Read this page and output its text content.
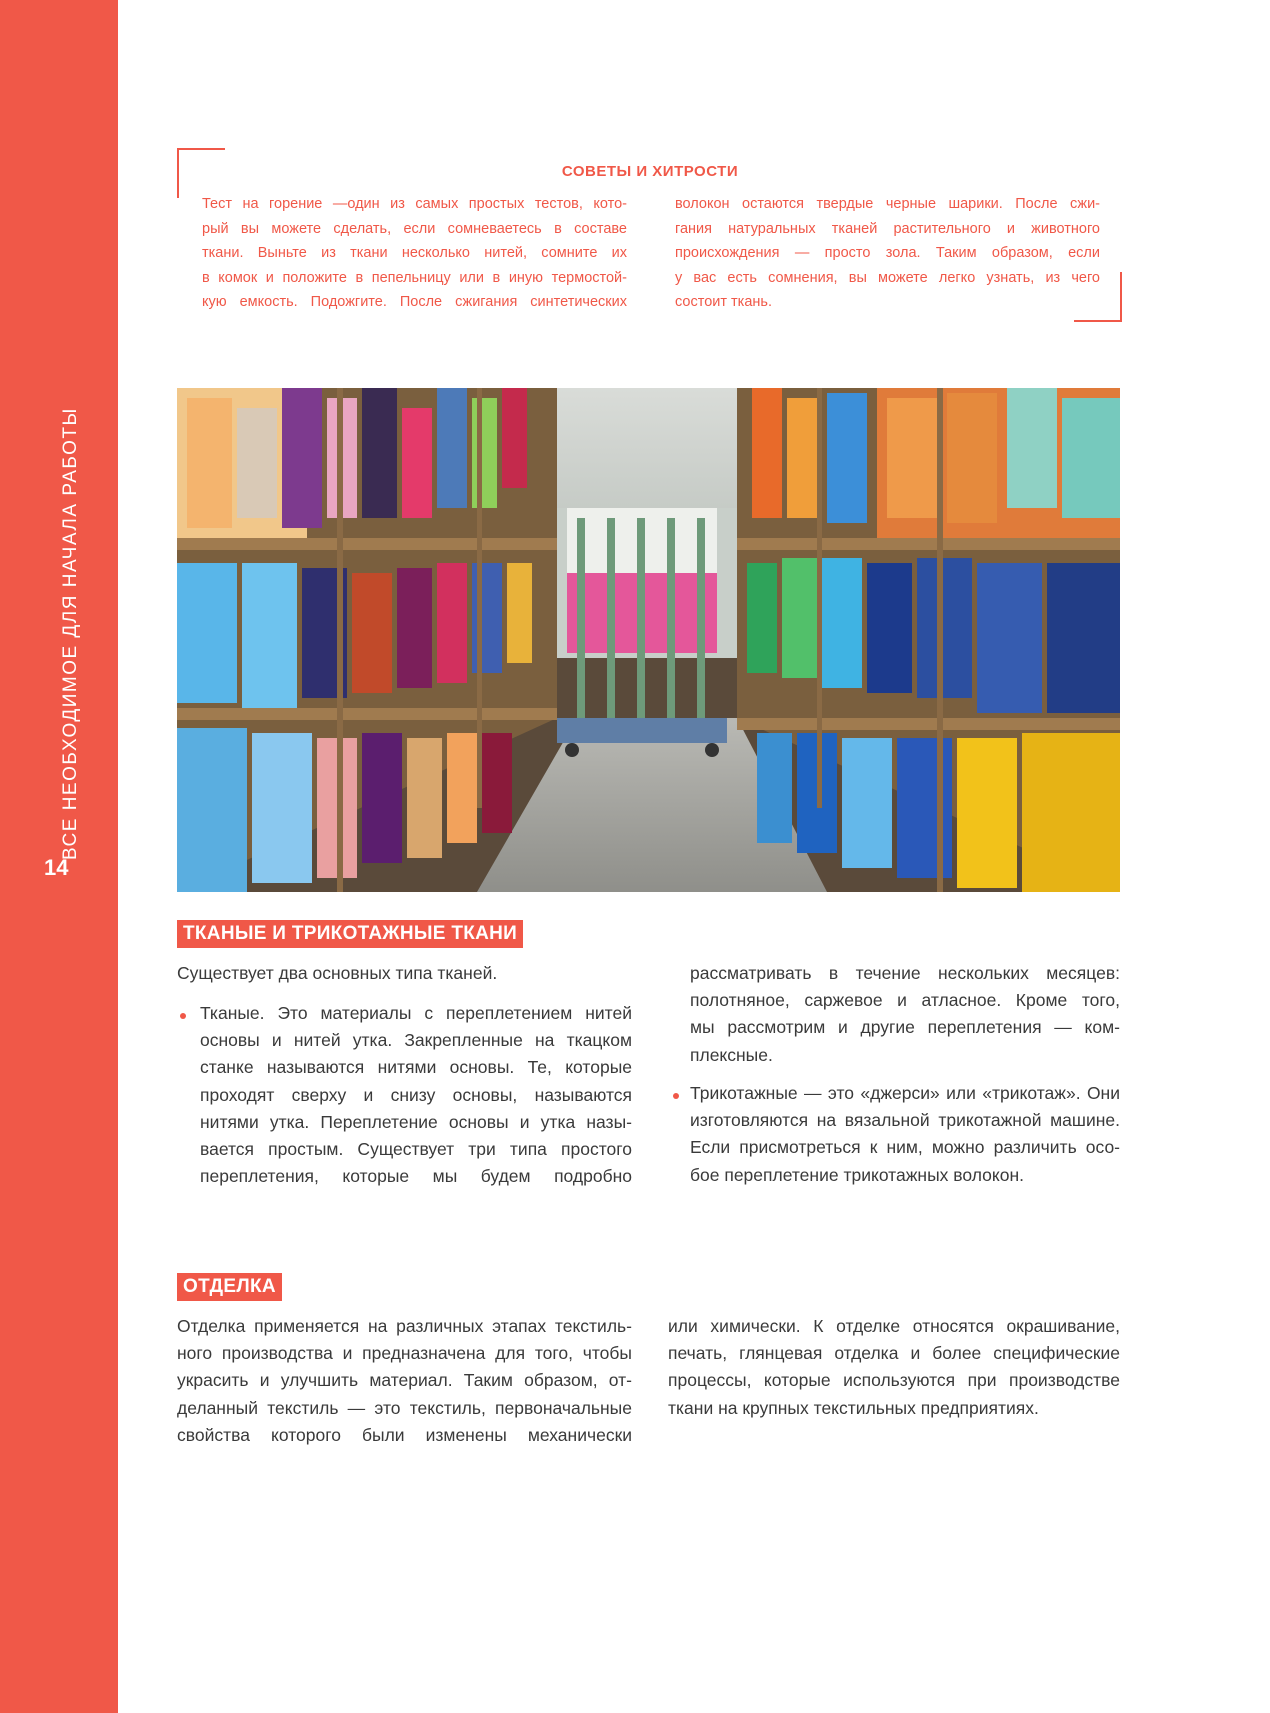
ВСЕ НЕОБХОДИМОЕ ДЛЯ НАЧАЛА РАБОТЫ
14
СОВЕТЫ И ХИТРОСТИ

Тест на горение —один из самых простых тестов, кото-

рый вы можете сделать, если сомневаетесь в составе

ткани. Выньте из ткани несколько нитей, сомните их

в комок и положите в пепельницу или в иную термостой-

кую емкость. Подожгите. После сжигания синтетических

волокон остаются твердые черные шарики. После сжи-

гания натуральных тканей растительного и животного

происхождения — просто зола. Таким образом, если

у вас есть сомнения, вы можете легко узнать, из чего

состоит ткань.

ТКАНЫЕ И ТРИКОТАЖНЫЕ ТКАНИ

Существует два основных типа тканей.

Тканые. Это материалы с переплетением нитей

основы и нитей утка. Закрепленные на ткацком

станке называются нитями основы. Те, которые

проходят сверху и снизу основы, называются

нитями утка. Переплетение основы и утка назы-

вается простым. Существует три типа простого

переплетения, которые мы будем подробно

рассматривать в течение нескольких месяцев:

полотняное, саржевое и атласное. Кроме того,

мы рассмотрим и другие переплетения — ком-

плексные.

Трикотажные — это «джерси» или «трикотаж». Они

изготовляются на вязальной трикотажной машине.

Если присмотреться к ним, можно различить осо-

бое переплетение трикотажных волокон.

ОТДЕЛКА

Отделка применяется на различных этапах текстиль-

ного производства и предназначена для того, чтобы

украсить и улучшить материал. Таким образом, от-

деланный текстиль — это текстиль, первоначальные

свойства которого были изменены механически

или химически. К отделке относятся окрашивание,

печать, глянцевая отделка и более специфические

процессы, которые используются при производстве

ткани на крупных текстильных предприятиях.
